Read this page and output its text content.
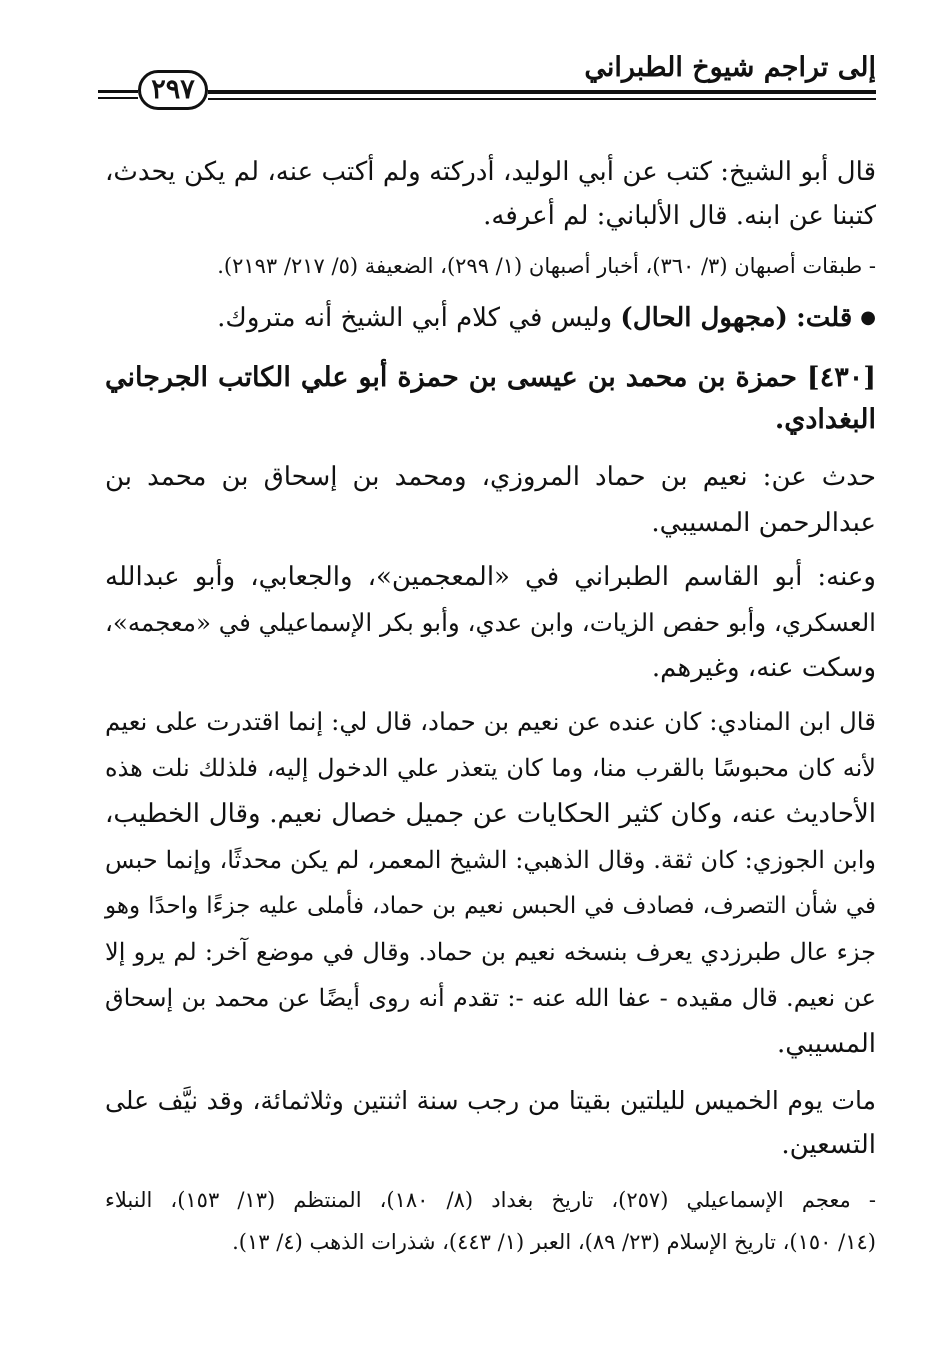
إلى تراجم شيوخ الطبراني
٢٩٧
قال أبو الشيخ: كتب عن أبي الوليد، أدركته ولم أكتب عنه، لم يكن يحدث،
كتبنا عن ابنه. قال الألباني: لم أعرفه.
- طبقات أصبهان (٣/ ٣٦٠)، أخبار أصبهان (١/ ٢٩٩)، الضعيفة (٥/ ٢١٧/ ٢١٩٣).
●قلت: (مجهول الحال) وليس في كلام أبي الشيخ أنه متروك.
[٤٣٠] حمزة بن محمد بن عيسى بن حمزة أبو علي الكاتب الجرجاني
البغدادي.
حدث عن: نعيم بن حماد المروزي، ومحمد بن إسحاق بن محمد بن
عبدالرحمن المسيبي.
وعنه: أبو القاسم الطبراني في «المعجمين»، والجعابي، وأبو عبدالله
العسكري، وأبو حفص الزيات، وابن عدي، وأبو بكر الإسماعيلي في «معجمه»،
وسكت عنه، وغيرهم.
قال ابن المنادي: كان عنده عن نعيم بن حماد، قال لي: إنما اقتدرت على نعيم
لأنه كان محبوسًا بالقرب منا، وما كان يتعذر علي الدخول إليه، فلذلك نلت هذه
الأحاديث عنه، وكان كثير الحكايات عن جميل خصال نعيم. وقال الخطيب،
وابن الجوزي: كان ثقة. وقال الذهبي: الشيخ المعمر، لم يكن محدثًا، وإنما حبس
في شأن التصرف، فصادف في الحبس نعيم بن حماد، فأملى عليه جزءًا واحدًا وهو
جزء عال طبرزدي يعرف بنسخه نعيم بن حماد. وقال في موضع آخر: لم يرو إلا
عن نعيم. قال مقيده - عفا الله عنه -: تقدم أنه روى أيضًا عن محمد بن إسحاق
المسيبي.
مات يوم الخميس لليلتين بقيتا من رجب سنة اثنتين وثلاثمائة، وقد نيَّف على
التسعين.
- معجم الإسماعيلي (٢٥٧)، تاريخ بغداد (٨/ ١٨٠)، المنتظم (١٣/ ١٥٣)، النبلاء
(١٤/ ١٥٠)، تاريخ الإسلام (٢٣/ ٨٩)، العبر (١/ ٤٤٣)، شذرات الذهب (٤/ ١٣).
